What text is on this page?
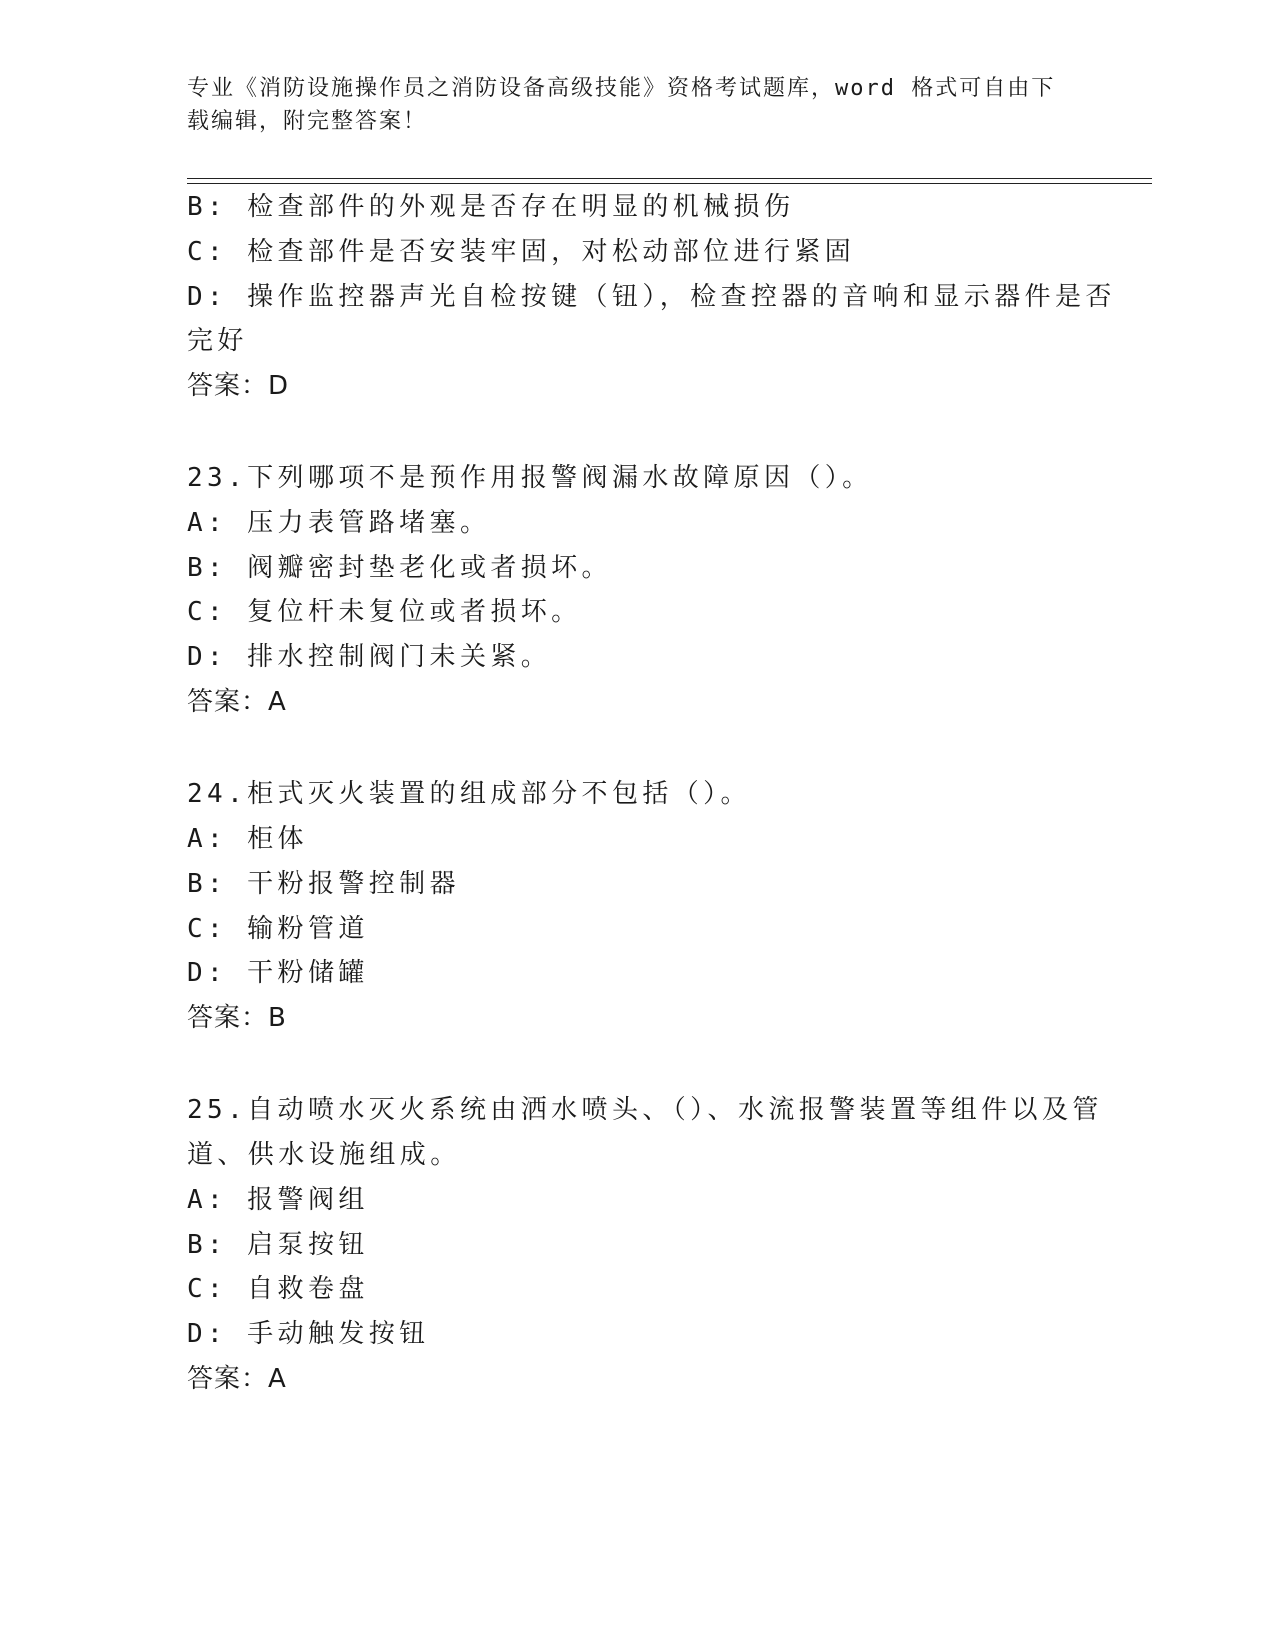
专业《消防设施操作员之消防设备高级技能》资格考试题库，word 格式可自由下
载编辑，附完整答案！
B: 检查部件的外观是否存在明显的机械损伤
C: 检查部件是否安装牢固，对松动部位进行紧固
D: 操作监控器声光自检按键（钮），检查控器的音响和显示器件是否
完好
答案：D
23.下列哪项不是预作用报警阀漏水故障原因（）。
A: 压力表管路堵塞。
B: 阀瓣密封垫老化或者损坏。
C: 复位杆未复位或者损坏。
D: 排水控制阀门未关紧。
答案：A
24.柜式灭火装置的组成部分不包括（）。
A: 柜体
B: 干粉报警控制器
C: 输粉管道
D: 干粉储罐
答案：B
25.自动喷水灭火系统由洒水喷头、（）、水流报警装置等组件以及管
道、供水设施组成。
A: 报警阀组
B: 启泵按钮
C: 自救卷盘
D: 手动触发按钮
答案：A
